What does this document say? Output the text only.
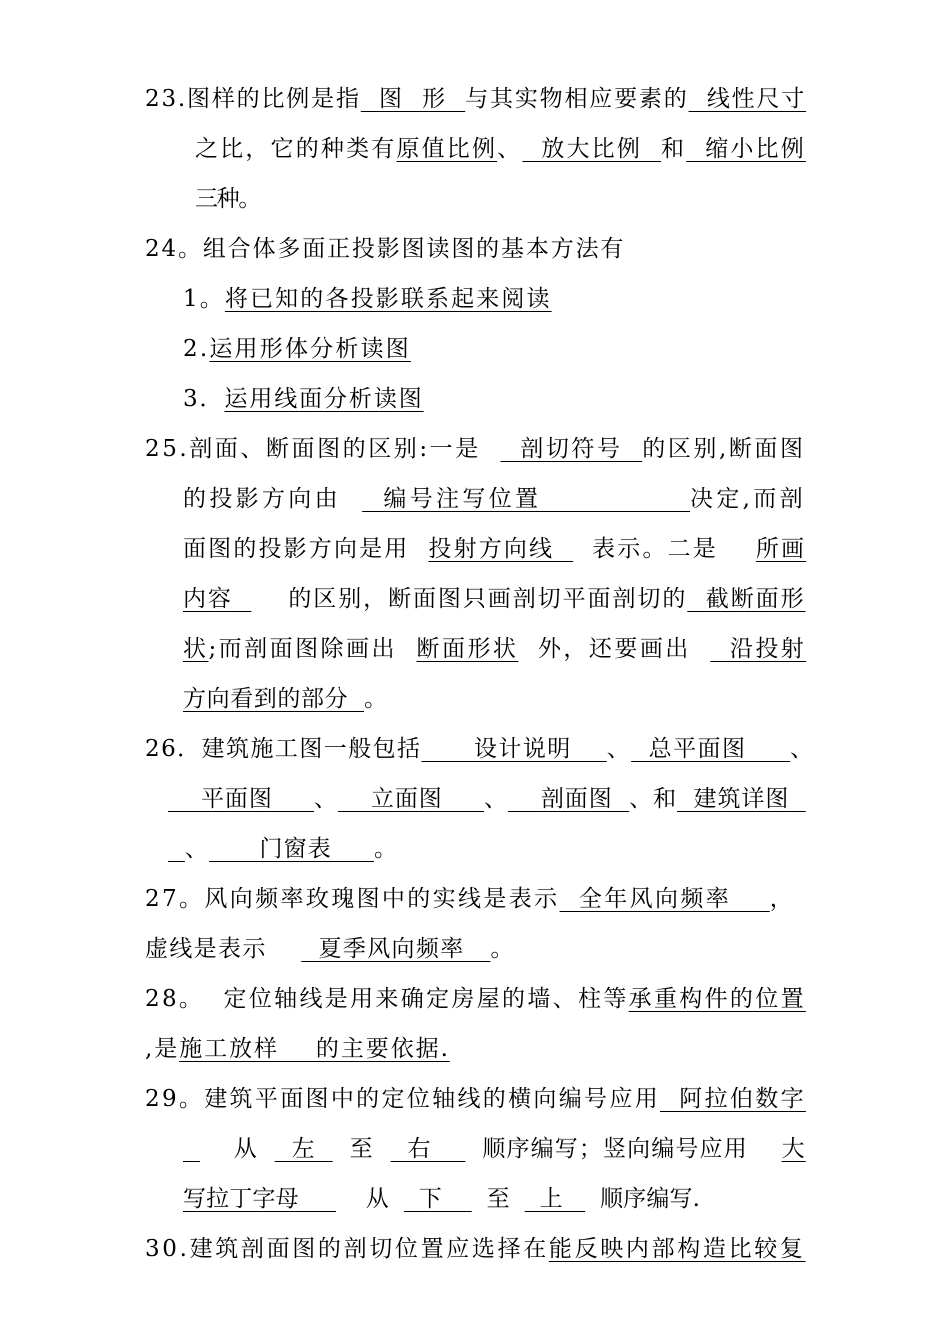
23.图样的比例是指  图  形  与其实物相应要素的  线性尺寸
之比，它的种类有原值比例、  放大比例  和  缩小比例
三种。
24。组合体多面正投影图读图的基本方法有
1。将已知的各投影联系起来阅读
2.运用形体分析读图
3．运用线面分析读图
25.剖面、断面图的区别:一是    剖切符号  的区别,断面图
的投影方向由    编号注写位置              决定,而剖
面图的投影方向是用  投射方向线    表示。二是    所画
内容      的区别，断面图只画剖切平面剖切的  截断面形
状;而剖面图除画出  断面形状  外，还要画出    沿投射
方向看到的部分  。
26．建筑施工图一般包括      设计说明    、  总平面图     、
平面图     、    立面图     、    剖面图  、和  建筑详图
、      门窗表     。
27。风向频率玫瑰图中的实线是表示  全年风向频率    ，
虚线是表示      夏季风向频率   。
28。  定位轴线是用来确定房屋的墙、柱等承重构件的位置
,是施工放样    的主要依据.
29。建筑平面图中的定位轴线的横向编号应用  阿拉伯数字
从    左    至    右      顺序编写；竖向编号应用    大
写拉丁字母         从    下      至    上     顺序编写.
30.建筑剖面图的剖切位置应选择在能反映内部构造比较复
